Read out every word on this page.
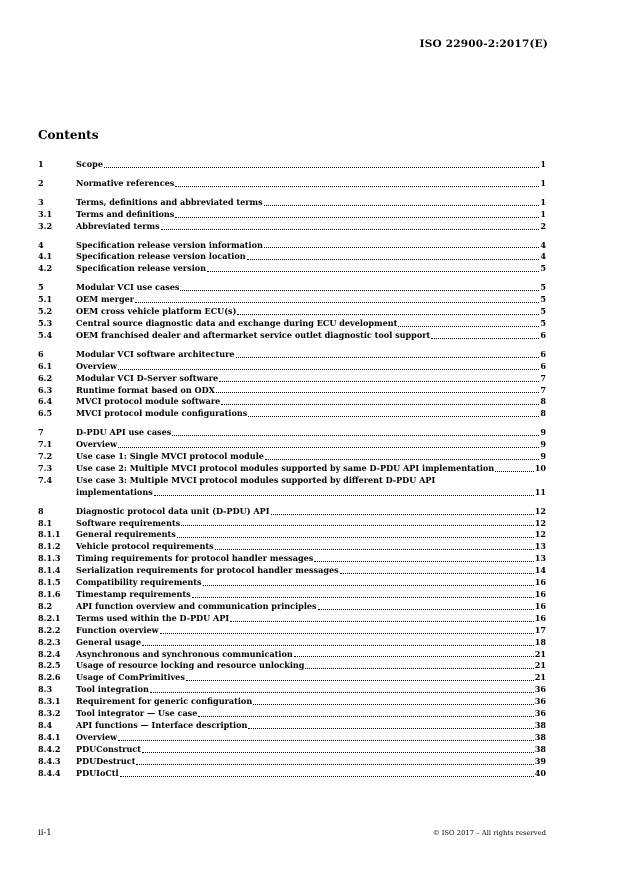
ISO 22900-2:2017(E)
Contents
1	Scope	1
2	Normative references	1
3	Terms, definitions and abbreviated terms	1
3.1	Terms and definitions	1
3.2	Abbreviated terms	2
4	Specification release version information	4
4.1	Specification release version location	4
4.2	Specification release version	5
5	Modular VCI use cases	5
5.1	OEM merger	5
5.2	OEM cross vehicle platform ECU(s)	5
5.3	Central source diagnostic data and exchange during ECU development	5
5.4	OEM franchised dealer and aftermarket service outlet diagnostic tool support	6
6	Modular VCI software architecture	6
6.1	Overview	6
6.2	Modular VCI D-Server software	7
6.3	Runtime format based on ODX	7
6.4	MVCI protocol module software	8
6.5	MVCI protocol module configurations	8
7	D-PDU API use cases	9
7.1	Overview	9
7.2	Use case 1: Single MVCI protocol module	9
7.3	Use case 2: Multiple MVCI protocol modules supported by same D-PDU API implementation	10
7.4	Use case 3: Multiple MVCI protocol modules supported by different D-PDU API
implementations	11
8	Diagnostic protocol data unit (D-PDU) API	12
8.1	Software requirements	12
8.1.1	General requirements	12
8.1.2	Vehicle protocol requirements	13
8.1.3	Timing requirements for protocol handler messages	13
8.1.4	Serialization requirements for protocol handler messages	14
8.1.5	Compatibility requirements	16
8.1.6	Timestamp requirements	16
8.2	API function overview and communication principles	16
8.2.1	Terms used within the D-PDU API	16
8.2.2	Function overview	17
8.2.3	General usage	18
8.2.4	Asynchronous and synchronous communication	21
8.2.5	Usage of resource locking and resource unlocking	21
8.2.6	Usage of ComPrimitives	21
8.3	Tool integration	36
8.3.1	Requirement for generic configuration	36
8.3.2	Tool integrator — Use case	36
8.4	API functions — Interface description	38
8.4.1	Overview	38
8.4.2	PDUConstruct	38
8.4.3	PDUDestruct	39
8.4.4	PDUIoCtl	40
ii-1	© ISO 2017 – All rights reserved
